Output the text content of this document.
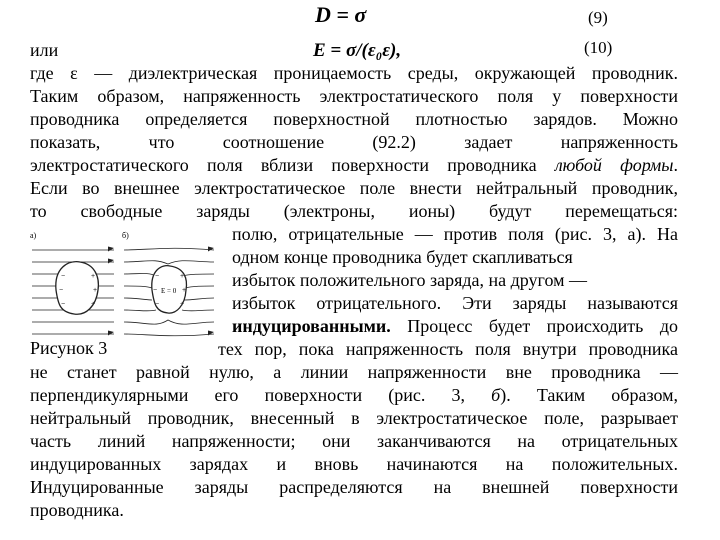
D = σ	(9)
или	E = σ/(ε₀ε),	(10)
где ε — диэлектрическая проницаемость среды, окружающей проводник.
Таким образом, напряженность электростатического поля у поверхности
проводника определяется поверхностной плотностью зарядов. Можно
показать, что соотношение (92.2) задает напряженность
электростатического поля вблизи поверхности проводника любой формы.
Если во внешнее электростатическое поле внести нейтральный проводник,
то свободные заряды (электроны, ионы) будут перемещаться:
−
−
−
+
+
+
−
−
−
+
+
+
а)	б)
E = 0
полю, отрицательные — против поля (рис. 3, а). На
одном конце проводника будет скапливаться
избыток положительного заряда, на другом —
избыток отрицательного. Эти заряды называются
индуцированными. Процесс будет происходить до
Рисунок 3	тех пор, пока напряженность поля внутри проводника
не станет равной нулю, а линии напряженности вне проводника —
перпендикулярными его поверхности (рис. 3, б). Таким образом,
нейтральный проводник, внесенный в электростатическое поле, разрывает
часть линий напряженности; они заканчиваются на отрицательных
индуцированных зарядах и вновь начинаются на положительных.
Индуцированные заряды распределяются на внешней поверхности
проводника.
